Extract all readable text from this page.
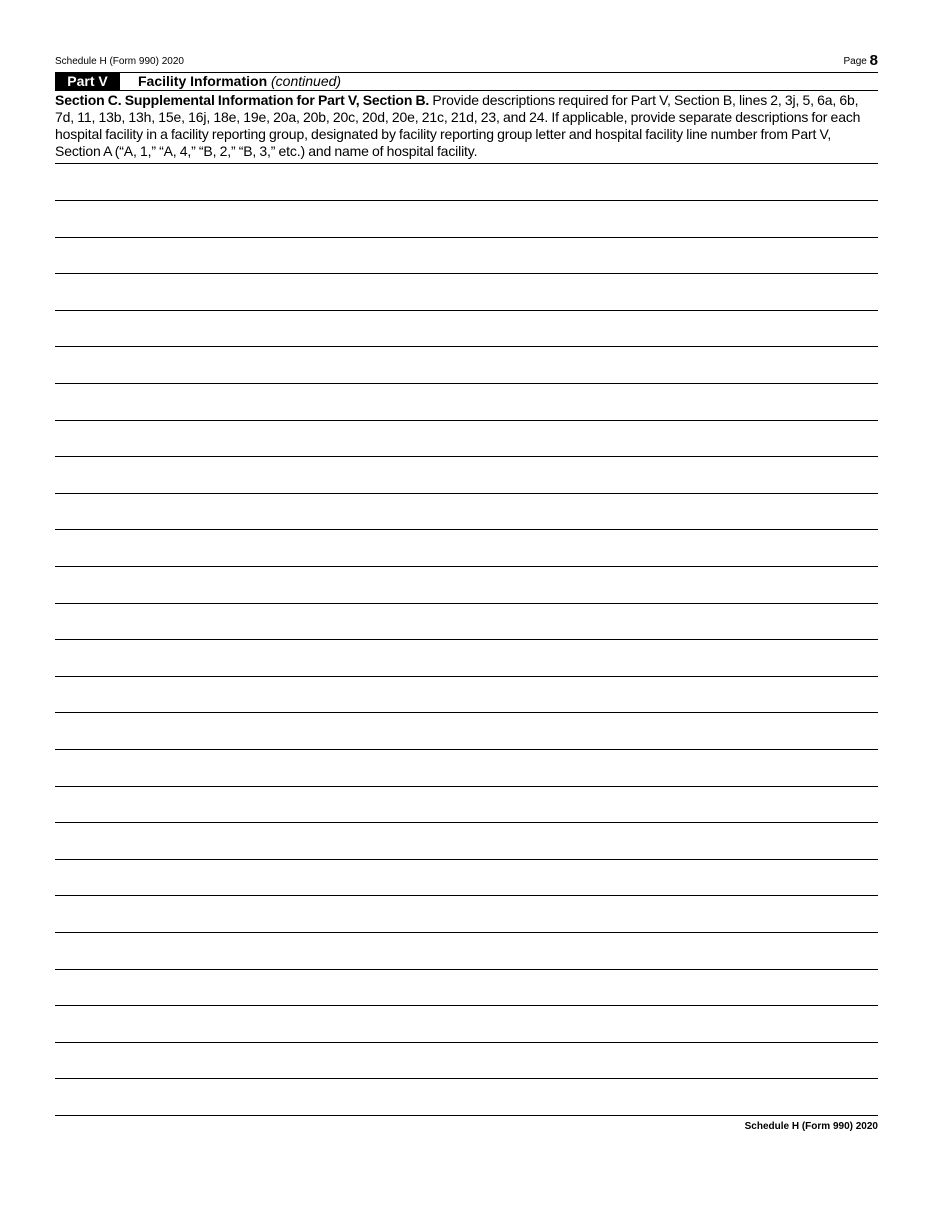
Schedule H (Form 990) 2020	Page 8
Part V	Facility Information (continued)
Section C. Supplemental Information for Part V, Section B. Provide descriptions required for Part V, Section B, lines 2, 3j, 5, 6a, 6b, 7d, 11, 13b, 13h, 15e, 16j, 18e, 19e, 20a, 20b, 20c, 20d, 20e, 21c, 21d, 23, and 24. If applicable, provide separate descriptions for each hospital facility in a facility reporting group, designated by facility reporting group letter and hospital facility line number from Part V, Section A (“A, 1,” “A, 4,” “B, 2,” “B, 3,” etc.) and name of hospital facility.
Schedule H (Form 990) 2020
